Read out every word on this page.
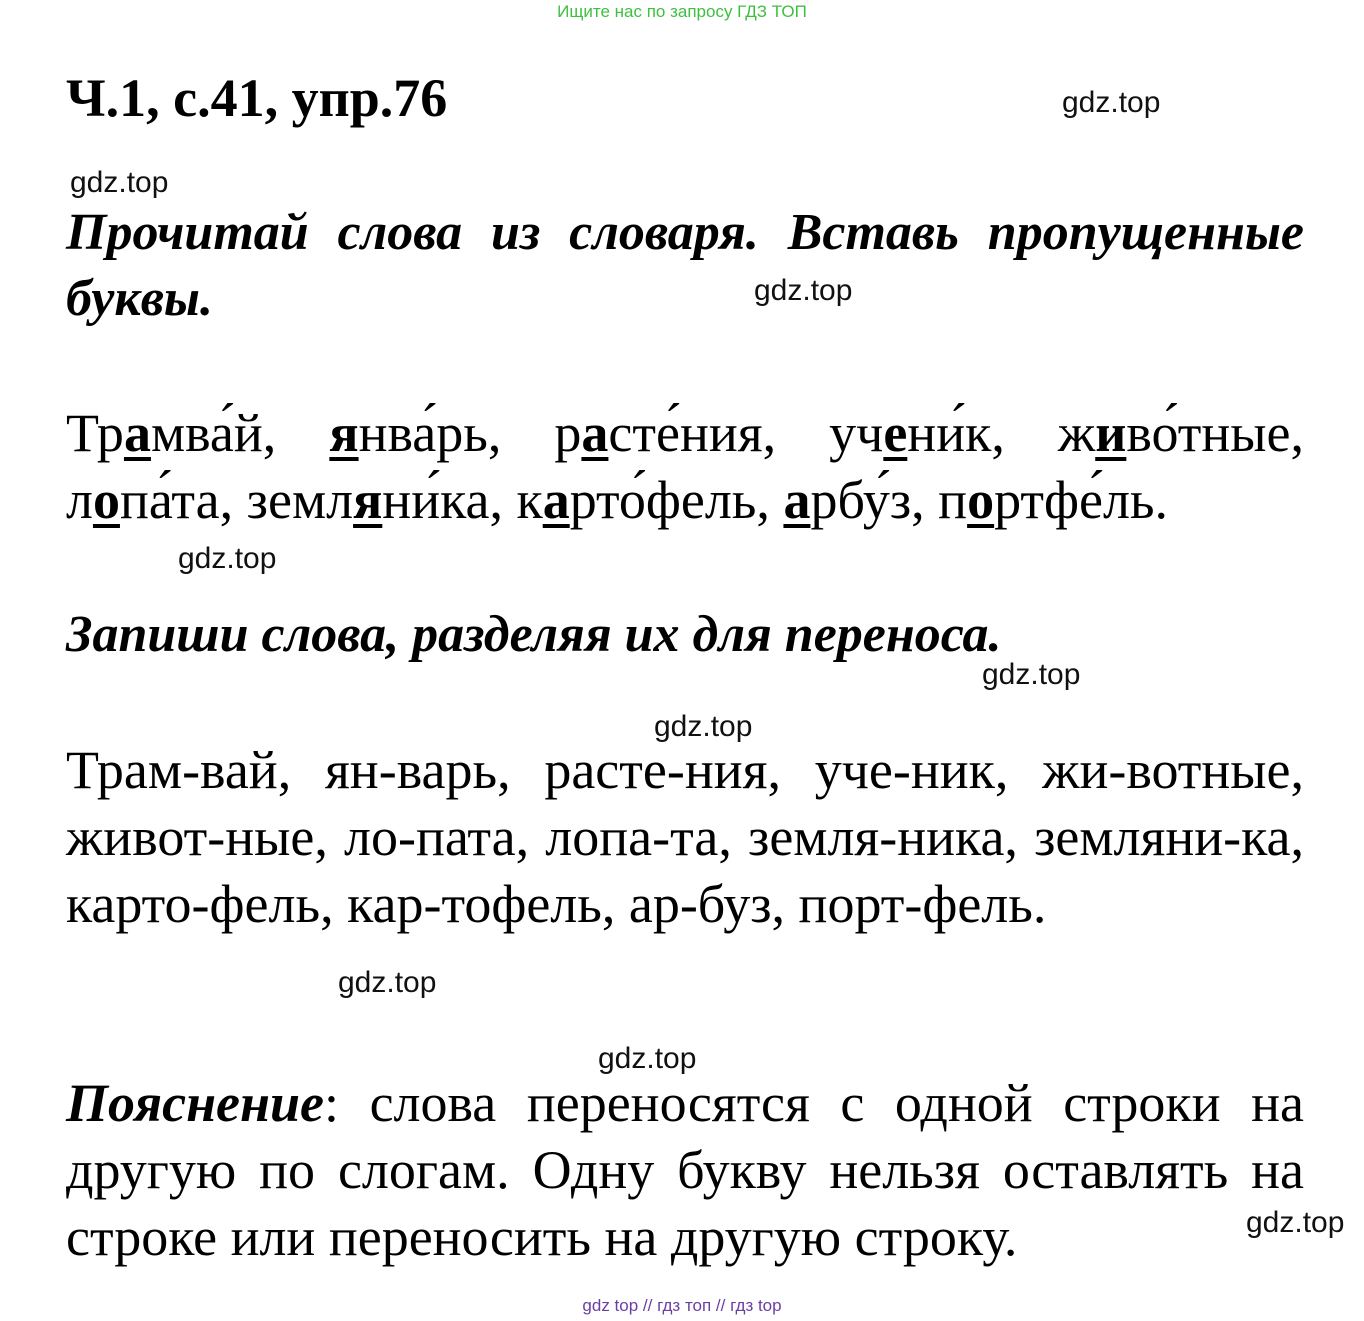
Ищите нас по запросу ГДЗ ТОП
Ч.1, с.41, упр.76

Прочитай слова из словаря. Вставь пропущенные буквы.

Трамва́й, янва́рь, расте́ния, учени́к, живо́тные, лопа́та, земляни́ка, карто́фель, арбу́з, портфе́ль.

Запиши слова, разделяя их для переноса.

Трам-вай, ян-варь, расте-ния, уче-ник, жи-вотные, живот-ные, ло-пата, лопа-та, земля-ника, земляни-ка, карто-фель, кар-тофель, ар-буз, порт-фель.

Пояснение: слова переносятся с одной строки на другую по слогам. Одну букву нельзя оставлять на строке или переносить на другую строку.

gdz.top
gdz.top
gdz.top
gdz.top
gdz.top
gdz.top
gdz.top
gdz.top
gdz.top
gdz top // гдз топ // гдз top
